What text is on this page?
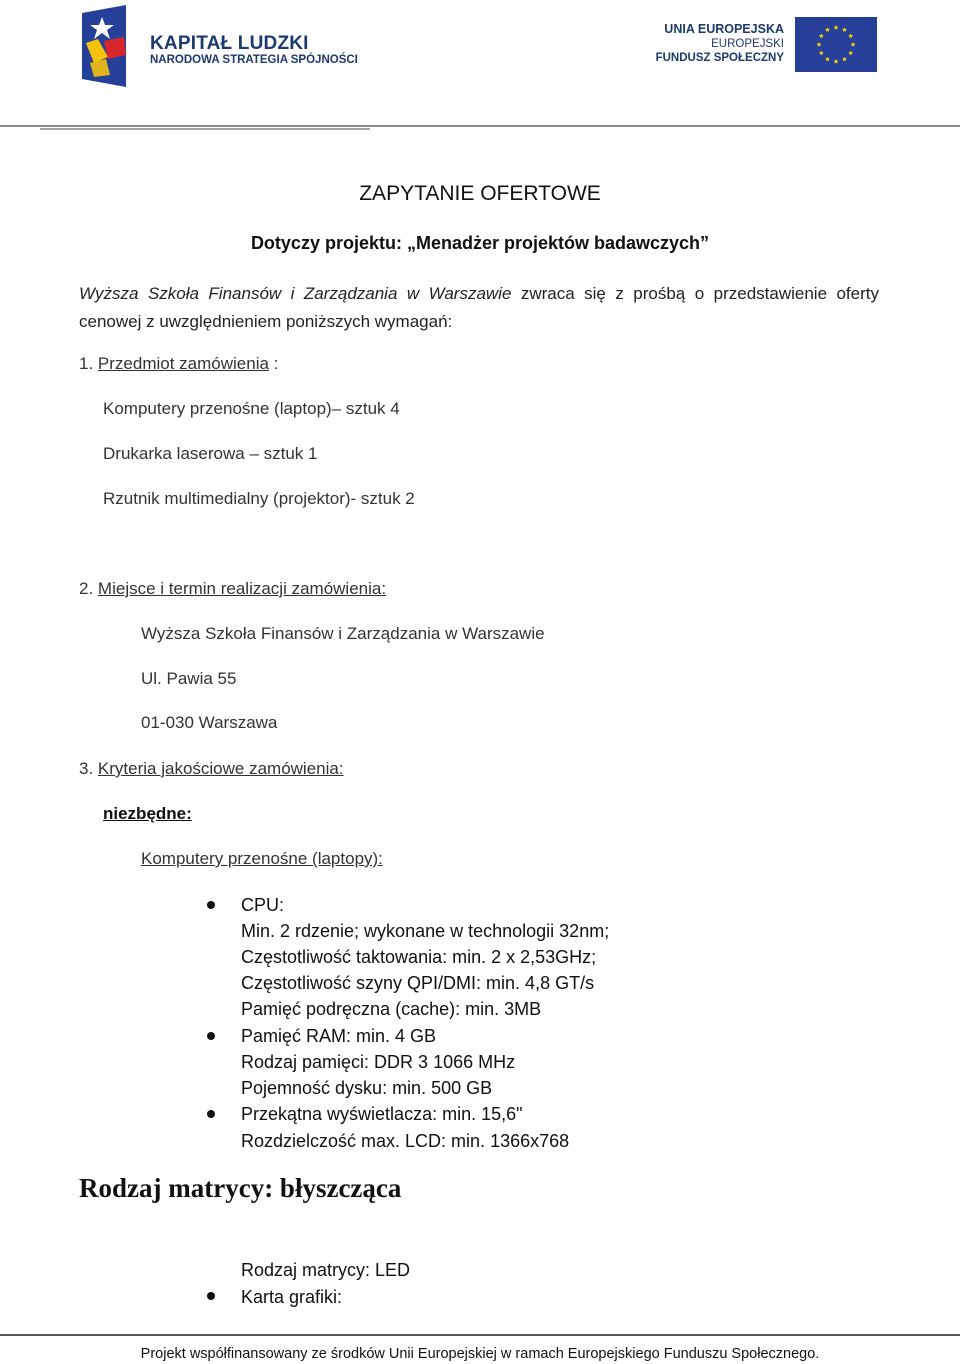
KAPITAŁ LUDZKI
NARODOWA STRATEGIA SPÓJNOŚCI
UNIA EUROPEJSKA
EUROPEJSKI
FUNDUSZ SPOŁECZNY
ZAPYTANIE OFERTOWE
Dotyczy projektu: „Menadżer projektów badawczych”
Wyższa Szkoła Finansów i Zarządzania w Warszawie zwraca się z prośbą o przedstawienie oferty cenowej z uwzględnieniem poniższych wymagań:
1. Przedmiot zamówienia :
Komputery przenośne (laptop)– sztuk 4
Drukarka laserowa – sztuk 1
Rzutnik multimedialny (projektor)- sztuk 2
2. Miejsce i termin realizacji zamówienia:
Wyższa Szkoła Finansów i Zarządzania w Warszawie
Ul. Pawia 55
01-030 Warszawa
3. Kryteria jakościowe zamówienia:
niezbędne:
Komputery przenośne (laptopy):
CPU:
Min. 2 rdzenie; wykonane w technologii 32nm;
Częstotliwość taktowania: min. 2 x 2,53GHz;
Częstotliwość szyny QPI/DMI: min. 4,8 GT/s
Pamięć podręczna (cache): min. 3MB
Pamięć RAM: min. 4 GB
Rodzaj pamięci: DDR 3 1066 MHz
Pojemność dysku: min. 500 GB
Przekątna wyświetlacza: min. 15,6"
Rozdzielczość max. LCD: min. 1366x768
Rodzaj matrycy: błyszcząca
Rodzaj matrycy: LED
Karta grafiki:
Projekt współfinansowany ze środków Unii Europejskiej w ramach Europejskiego Funduszu Społecznego.
